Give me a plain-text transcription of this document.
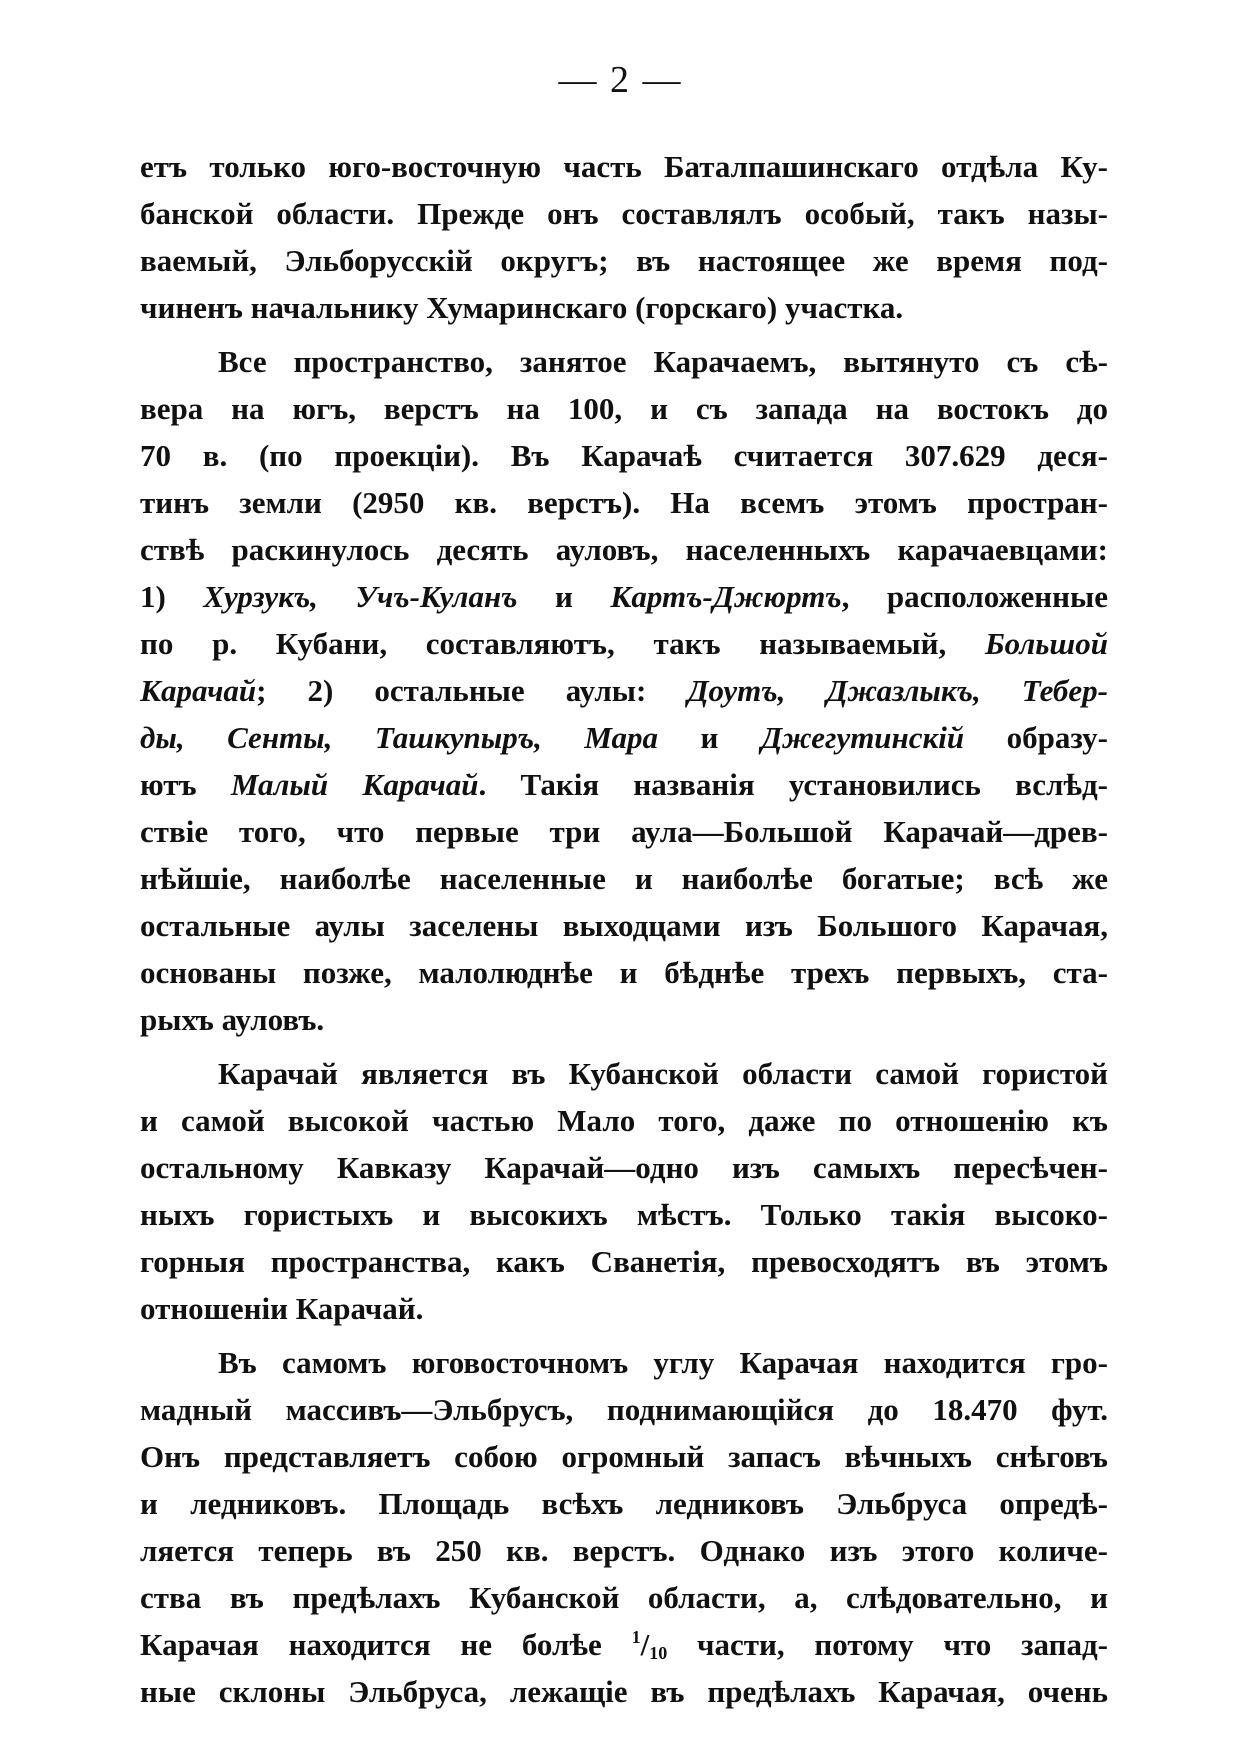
— 2 —
етъ только юго-восточную часть Баталпашинскаго отдѣла Ку-
банской области. Прежде онъ составлялъ особый, такъ назы-
ваемый, Эльборусскій округъ; въ настоящее же время под-
чиненъ начальнику Хумаринскаго (горскаго) участка.
Все пространство, занятое Карачаемъ, вытянуто съ сѣ-
вера на югъ, верстъ на 100, и съ запада на востокъ до
70 в. (по проекціи). Въ Карачаѣ считается 307.629 деся-
тинъ земли (2950 кв. верстъ). На всемъ этомъ простран-
ствѣ раскинулось десять ауловъ, населенныхъ карачаевцами:
1) Хурзукъ, Учъ-Куланъ и Картъ-Джюртъ, расположенные
по р. Кубани, составляютъ, такъ называемый, Большой
Карачай; 2) остальные аулы: Доутъ, Джазлыкъ, Тебер-
ды, Сенты, Ташкупыръ, Мара и Джегутинскій образу-
ютъ Малый Карачай. Такія названія установились вслѣд-
ствіе того, что первые три аула—Большой Карачай—древ-
нѣйшіе, наиболѣе населенные и наиболѣе богатые; всѣ же
остальные аулы заселены выходцами изъ Большого Карачая,
основаны позже, малолюднѣе и бѣднѣе трехъ первыхъ, ста-
рыхъ ауловъ.
Карачай является въ Кубанской области самой гористой
и самой высокой частью Мало того, даже по отношенію къ
остальному Кавказу Карачай—одно изъ самыхъ пересѣчен-
ныхъ гористыхъ и высокихъ мѣстъ. Только такія высоко-
горныя пространства, какъ Сванетія, превосходятъ въ этомъ
отношеніи Карачай.
Въ самомъ юговосточномъ углу Карачая находится гро-
мадный массивъ—Эльбрусъ, поднимающійся до 18.470 фут.
Онъ представляетъ собою огромный запасъ вѣчныхъ снѣговъ
и ледниковъ. Площадь всѣхъ ледниковъ Эльбруса опредѣ-
ляется теперь въ 250 кв. верстъ. Однако изъ этого количе-
ства въ предѣлахъ Кубанской области, а, слѣдовательно, и
Карачая находится не болѣе $^1/_{10}$ части, потому что запад-
ные склоны Эльбруса, лежащіе въ предѣлахъ Карачая, очень
